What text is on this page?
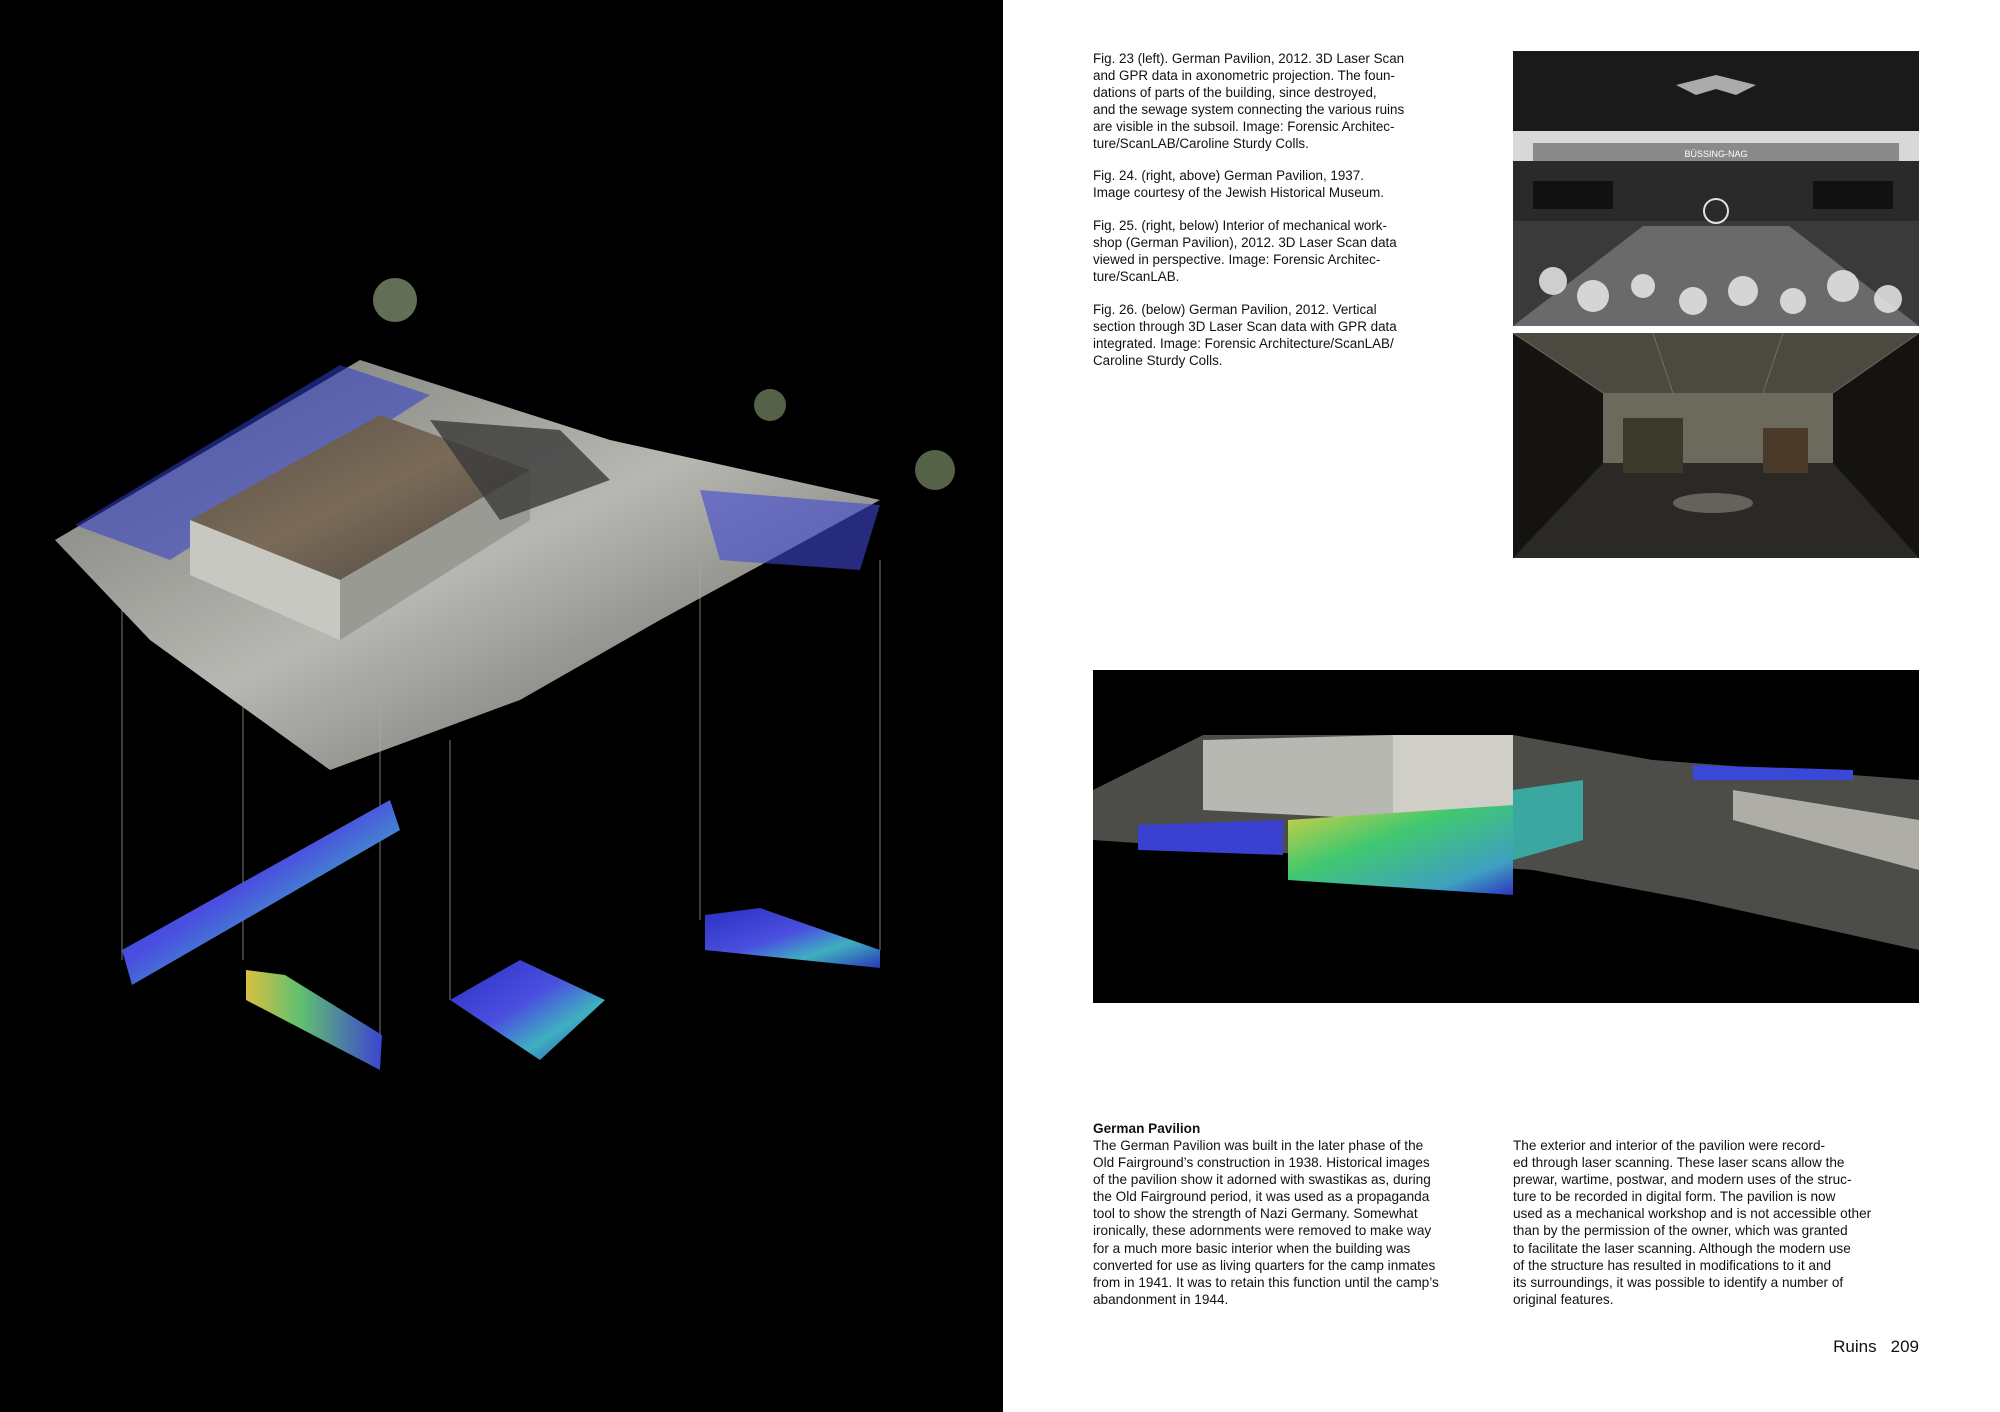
Fig. 23 (left). German Pavilion, 2012. 3D Laser Scan
and GPR data in axonometric projection. The foun-
dations of parts of the building, since destroyed,
and the sewage system connecting the various ruins
are visible in the subsoil. Image: Forensic Architec-
ture/ScanLAB/Caroline Sturdy Colls.

Fig. 24. (right, above) German Pavilion, 1937.
Image courtesy of the Jewish Historical Museum.

Fig. 25. (right, below) Interior of mechanical work-
shop (German Pavilion), 2012. 3D Laser Scan data
viewed in perspective. Image: Forensic Architec-
ture/ScanLAB.

Fig. 26. (below) German Pavilion, 2012. Vertical
section through 3D Laser Scan data with GPR data
integrated. Image: Forensic Architecture/ScanLAB/
Caroline Sturdy Colls.

BÜSSING-NAG
German Pavilion
The German Pavilion was built in the later phase of the
Old Fairground’s construction in 1938. Historical images
of the pavilion show it adorned with swastikas as, during
the Old Fairground period, it was used as a propaganda
tool to show the strength of Nazi Germany. Somewhat
ironically, these adornments were removed to make way
for a much more basic interior when the building was
converted for use as living quarters for the camp inmates
from in 1941. It was to retain this function until the camp’s
abandonment in 1944.
The exterior and interior of the pavilion were record-
ed through laser scanning. These laser scans allow the
prewar, wartime, postwar, and modern uses of the struc-
ture to be recorded in digital form. The pavilion is now
used as a mechanical workshop and is not accessible other
than by the permission of the owner, which was granted
to facilitate the laser scanning. Although the modern use
of the structure has resulted in modifications to it and
its surroundings, it was possible to identify a number of
original features.
Ruins 209
